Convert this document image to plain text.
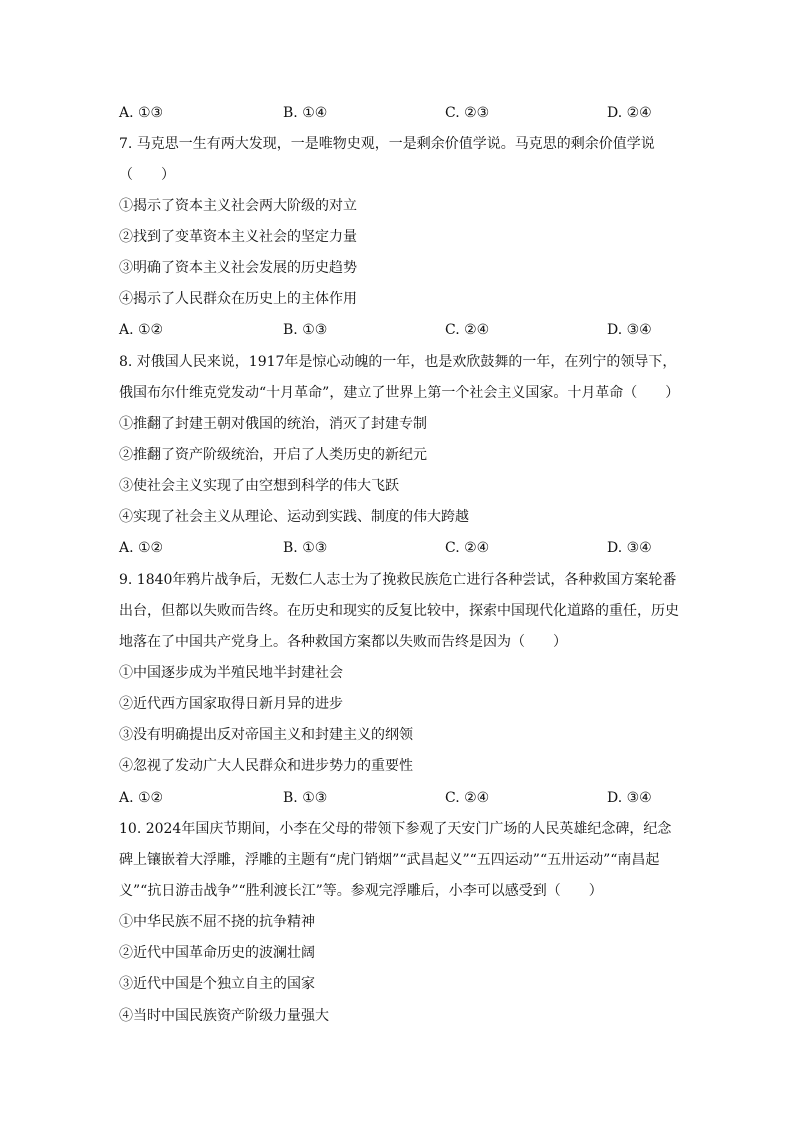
A. ①③	B. ①④	C. ②③	D. ②④
7. 马克思一生有两大发现，一是唯物史观，一是剩余价值学说。马克思的剩余价值学说
（　　）
①揭示了资本主义社会两大阶级的对立
②找到了变革资本主义社会的坚定力量
③明确了资本主义社会发展的历史趋势
④揭示了人民群众在历史上的主体作用
A. ①②	B. ①③	C. ②④	D. ③④
8. 对俄国人民来说，1917年是惊心动魄的一年，也是欢欣鼓舞的一年，在列宁的领导下，
俄国布尔什维克党发动“十月革命”，建立了世界上第一个社会主义国家。十月革命（　　）
①推翻了封建王朝对俄国的统治，消灭了封建专制
②推翻了资产阶级统治，开启了人类历史的新纪元
③使社会主义实现了由空想到科学的伟大飞跃
④实现了社会主义从理论、运动到实践、制度的伟大跨越
A. ①②	B. ①③	C. ②④	D. ③④
9. 1840年鸦片战争后，无数仁人志士为了挽救民族危亡进行各种尝试，各种救国方案轮番
出台，但都以失败而告终。在历史和现实的反复比较中，探索中国现代化道路的重任，历史
地落在了中国共产党身上。各种救国方案都以失败而告终是因为（　　）
①中国逐步成为半殖民地半封建社会
②近代西方国家取得日新月异的进步
③没有明确提出反对帝国主义和封建主义的纲领
④忽视了发动广大人民群众和进步势力的重要性
A. ①②	B. ①③	C. ②④	D. ③④
10. 2024年国庆节期间，小李在父母的带领下参观了天安门广场的人民英雄纪念碑，纪念
碑上镶嵌着大浮雕，浮雕的主题有“虎门销烟”“武昌起义”“五四运动”“五卅运动”“南昌起
义”“抗日游击战争”“胜利渡长江”等。参观完浮雕后，小李可以感受到（　　）
①中华民族不屈不挠的抗争精神
②近代中国革命历史的波澜壮阔
③近代中国是个独立自主的国家
④当时中国民族资产阶级力量强大
